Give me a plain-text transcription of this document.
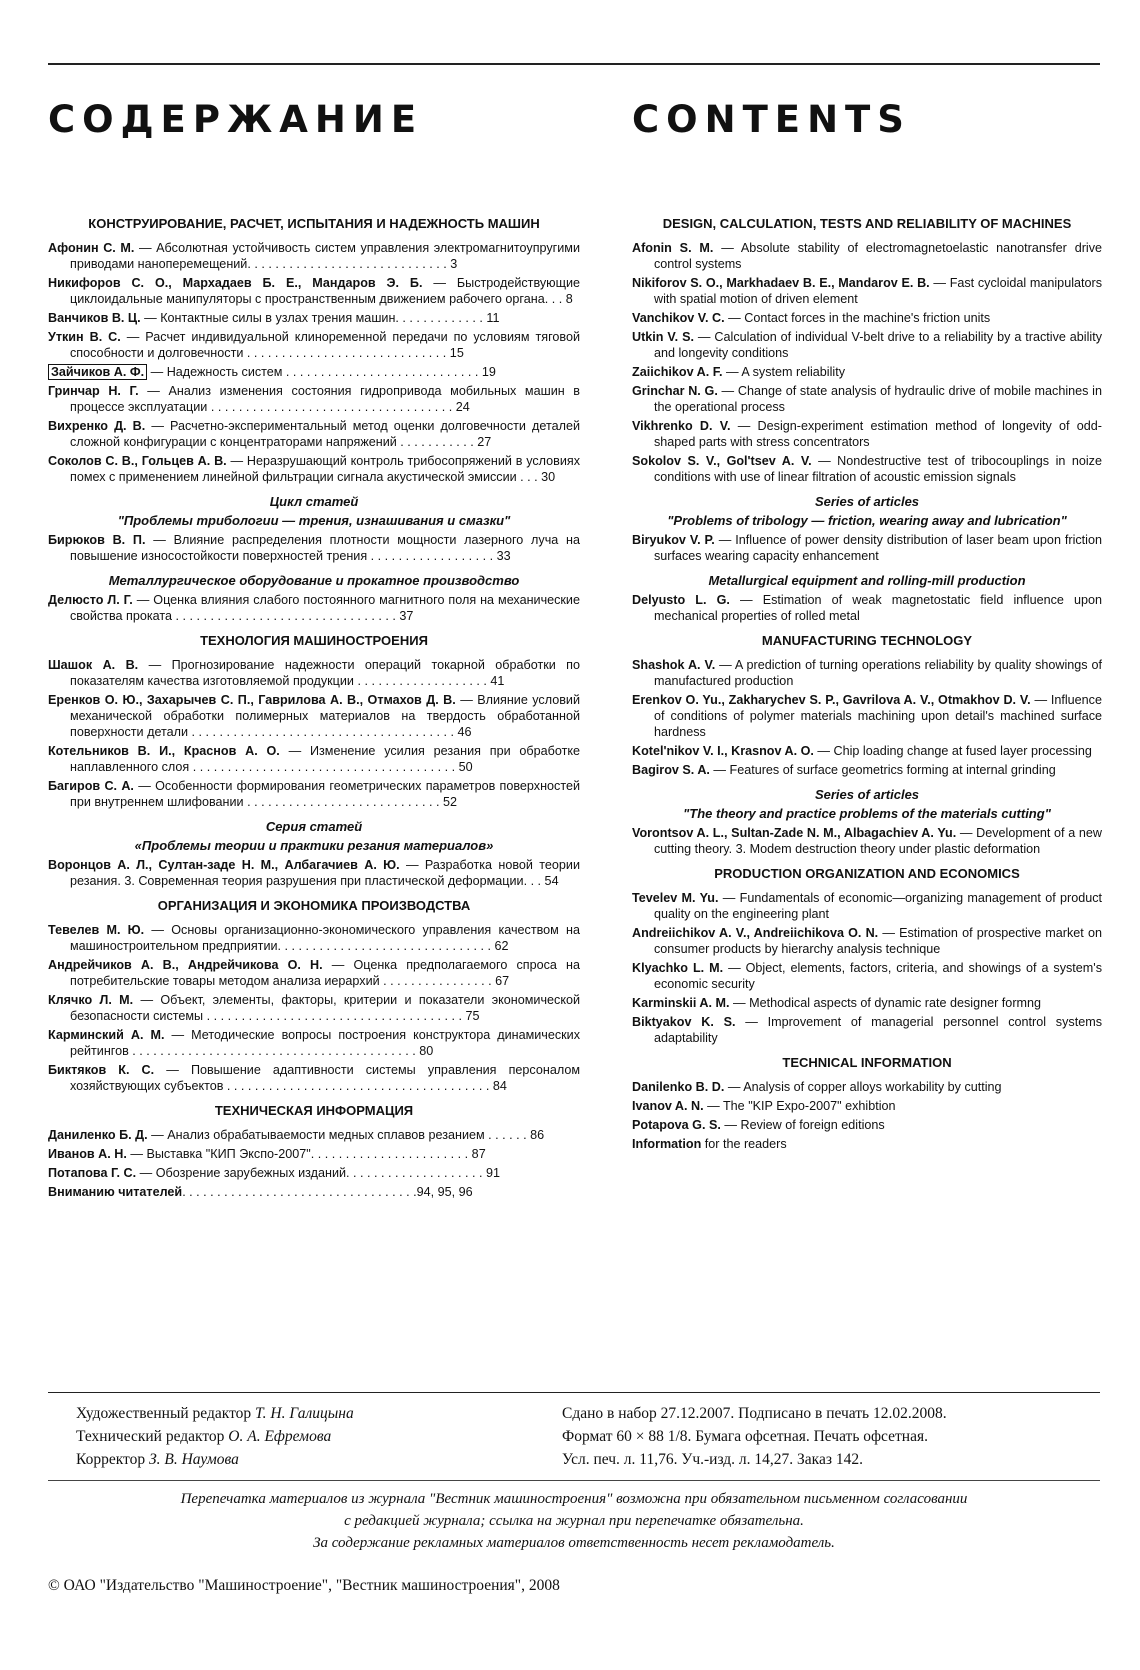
СОДЕРЖАНИЕ	CONTENTS
КОНСТРУИРОВАНИЕ, РАСЧЕТ, ИСПЫТАНИЯ И НАДЕЖНОСТЬ МАШИН
Афонин С. М. — Абсолютная устойчивость систем управления электромагнитоупругими приводами наноперемещений. . . . . . . . . . . . . . . . . . . . . . . . . . . . . 3
Никифоров С. О., Мархадаев Б. Е., Мандаров Э. Б. — Быстродействующие циклоидальные манипуляторы с пространственным движением рабочего органа. . . 8
Ванчиков В. Ц. — Контактные силы в узлах трения машин. . . . . . . . . . . . . 11
Уткин В. С. — Расчет индивидуальной клиноременной передачи по условиям тяговой способности и долговечности . . . . . . . . . . . . . . . . . . . . . . . . . . . . . 15
Зайчиков А. Ф. — Надежность систем . . . . . . . . . . . . . . . . . . . . . . . . . . . . 19
Гринчар Н. Г. — Анализ изменения состояния гидропривода мобильных машин в процессе эксплуатации . . . . . . . . . . . . . . . . . . . . . . . . . . . . . . . . . . . 24
Вихренко Д. В. — Расчетно-экспериментальный метод оценки долговечности деталей сложной конфигурации с концентраторами напряжений . . . . . . . . . . . 27
Соколов С. В., Гольцев А. В. — Неразрушающий контроль трибосопряжений в условиях помех с применением линейной фильтрации сигнала акустической эмиссии . . . 30
Цикл статей
"Проблемы трибологии — трения, изнашивания и смазки"
Бирюков В. П. — Влияние распределения плотности мощности лазерного луча на повышение износостойкости поверхностей трения . . . . . . . . . . . . . . . . . . 33
Металлургическое оборудование и прокатное производство
Делюсто Л. Г. — Оценка влияния слабого постоянного магнитного поля на механические свойства проката . . . . . . . . . . . . . . . . . . . . . . . . . . . . . . . . 37
ТЕХНОЛОГИЯ МАШИНОСТРОЕНИЯ
Шашок А. В. — Прогнозирование надежности операций токарной обработки по показателям качества изготовляемой продукции . . . . . . . . . . . . . . . . . . . 41
Еренков О. Ю., Захарычев С. П., Гаврилова А. В., Отмахов Д. В. — Влияние условий механической обработки полимерных материалов на твердость обработанной поверхности детали . . . . . . . . . . . . . . . . . . . . . . . . . . . . . . . . . . . . . . 46
Котельников В. И., Краснов А. О. — Изменение усилия резания при обработке наплавленного слоя . . . . . . . . . . . . . . . . . . . . . . . . . . . . . . . . . . . . . . 50
Багиров С. А. — Особенности формирования геометрических параметров поверхностей при внутреннем шлифовании . . . . . . . . . . . . . . . . . . . . . . . . . . . . 52
Серия статей
«Проблемы теории и практики резания материалов»
Воронцов А. Л., Султан-заде Н. М., Албагачиев А. Ю. — Разработка новой теории резания. 3. Современная теория разрушения при пластической деформации. . . 54
ОРГАНИЗАЦИЯ И ЭКОНОМИКА ПРОИЗВОДСТВА
Тевелев М. Ю. — Основы организационно-экономического управления качеством на машиностроительном предприятии. . . . . . . . . . . . . . . . . . . . . . . . . . . . . . . 62
Андрейчиков А. В., Андрейчикова О. Н. — Оценка предполагаемого спроса на потребительские товары методом анализа иерархий . . . . . . . . . . . . . . . . 67
Клячко Л. М. — Объект, элементы, факторы, критерии и показатели экономической безопасности системы . . . . . . . . . . . . . . . . . . . . . . . . . . . . . . . . . . . . . 75
Карминский А. М. — Методические вопросы построения конструктора динамических рейтингов . . . . . . . . . . . . . . . . . . . . . . . . . . . . . . . . . . . . . . . . . 80
Биктяков К. С. — Повышение адаптивности системы управления персоналом хозяйствующих субъектов . . . . . . . . . . . . . . . . . . . . . . . . . . . . . . . . . . . . . . 84
ТЕХНИЧЕСКАЯ ИНФОРМАЦИЯ
Даниленко Б. Д. — Анализ обрабатываемости медных сплавов резанием . . . . . . 86
Иванов А. Н. — Выставка "КИП Экспо-2007". . . . . . . . . . . . . . . . . . . . . . . 87
Потапова Г. С. — Обозрение зарубежных изданий. . . . . . . . . . . . . . . . . . . . 91
Вниманию читателей. . . . . . . . . . . . . . . . . . . . . . . . . . . . . . . . . .94, 95, 96
DESIGN, CALCULATION, TESTS AND RELIABILITY OF MACHINES
Afonin S. M. — Absolute stability of electromagnetoelastic nanotransfer drive control systems
Nikiforov S. O., Markhadaev B. E., Mandarov E. B. — Fast cycloidal manipulators with spatial motion of driven element
Vanchikov V. C. — Contact forces in the machine's friction units
Utkin V. S. — Calculation of individual V-belt drive to a reliability by a tractive ability and longevity conditions
Zaiichikov A. F. — A system reliability
Grinchar N. G. — Change of state analysis of hydraulic drive of mobile machines in the operational process
Vikhrenko D. V. — Design-experiment estimation method of longevity of odd-shaped parts with stress concentrators
Sokolov S. V., Gol'tsev A. V. — Nondestructive test of tribocouplings in noize conditions with use of linear filtration of acoustic emission signals
Series of articles
"Problems of tribology — friction, wearing away and lubrication"
Biryukov V. P. — Influence of power density distribution of laser beam upon friction surfaces wearing capacity enhancement
Metallurgical equipment and rolling-mill production
Delyusto L. G. — Estimation of weak magnetostatic field influence upon mechanical properties of rolled metal
MANUFACTURING TECHNOLOGY
Shashok A. V. — A prediction of turning operations reliability by quality showings of manufactured production
Erenkov O. Yu., Zakharychev S. P., Gavrilova A. V., Otmakhov D. V. — Influence of conditions of polymer materials machining upon detail's machined surface hardness
Kotel'nikov V. I., Krasnov A. O. — Chip loading change at fused layer processing
Bagirov S. A. — Features of surface geometrics forming at internal grinding
Series of articles
"The theory and practice problems of the materials cutting"
Vorontsov A. L., Sultan-Zade N. M., Albagachiev A. Yu. — Development of a new cutting theory. 3. Modem destruction theory under plastic deformation
PRODUCTION ORGANIZATION AND ECONOMICS
Tevelev M. Yu. — Fundamentals of economic—organizing management of product quality on the engineering plant
Andreiichikov A. V., Andreiichikova O. N. — Estimation of prospective market on consumer products by hierarchy analysis technique
Klyachko L. M. — Object, elements, factors, criteria, and showings of a system's economic security
Karminskii A. M. — Methodical aspects of dynamic rate designer formng
Biktyakov K. S. — Improvement of managerial personnel control systems adaptability
TECHNICAL INFORMATION
Danilenko B. D. — Analysis of copper alloys workability by cutting
Ivanov A. N. — The "KIP Expo-2007" exhibtion
Potapova G. S. — Review of foreign editions
Information for the readers
Художественный редактор Т. Н. Галицына
Технический редактор О. А. Ефремова
Корректор З. В. Наумова
Сдано в набор 27.12.2007. Подписано в печать 12.02.2008.
Формат 60 × 88 1/8. Бумага офсетная. Печать офсетная.
Усл. печ. л. 11,76. Уч.-изд. л. 14,27. Заказ 142.
Перепечатка материалов из журнала "Вестник машиностроения" возможна при обязательном письменном согласовании
с редакцией журнала; ссылка на журнал при перепечатке обязательна.
За содержание рекламных материалов ответственность несет рекламодатель.
© ОАО "Издательство "Машиностроение", "Вестник машиностроения", 2008
